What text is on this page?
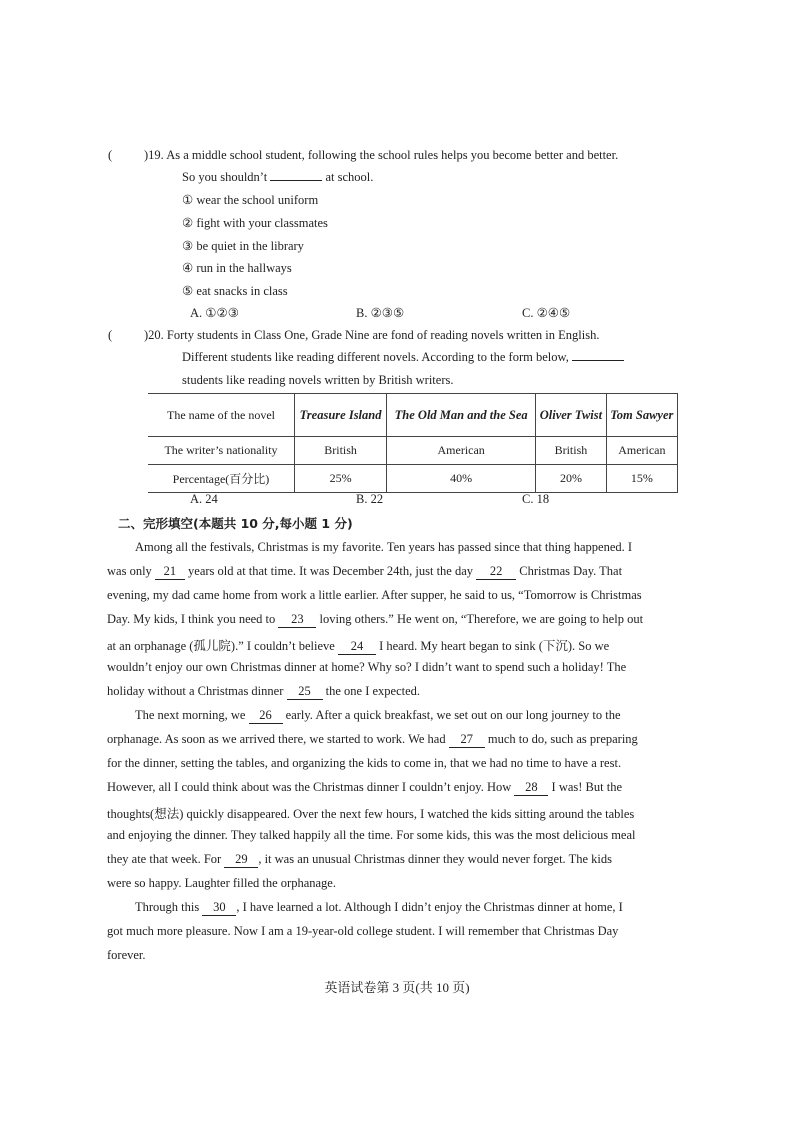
(	)19. As a middle school student, following the school rules helps you become better and better.
So you shouldn’t	at school.
① wear the school uniform
② fight with your classmates
③ be quiet in the library
④ run in the hallways
⑤ eat snacks in class
A. ①②③	B. ②③⑤	C. ②④⑤
(	)20. Forty students in Class One, Grade Nine are fond of reading novels written in English.
Different students like reading different novels. According to the form below,
students like reading novels written by British writers.
The name of the novel	Treasure Island	The Old Man and the Sea	Oliver Twist	Tom Sawyer
The writer’s nationality	British	American	British	American
Percentage(百分比)	25%	40%	20%	15%
A. 24	B. 22	C. 18
二、完形填空(本题共 10 分,每小题 1 分)
Among all the festivals, Christmas is my favorite. Ten years has passed since that thing happened. I
was only 21 years old at that time. It was December 24th, just the day 22 Christmas Day. That
evening, my dad came home from work a little earlier. After supper, he said to us, “Tomorrow is Christmas
Day. My kids, I think you need to 23 loving others.” He went on, “Therefore, we are going to help out
at an orphanage (孤儿院).” I couldn’t believe 24 I heard. My heart began to sink (下沉). So we
wouldn’t enjoy our own Christmas dinner at home? Why so? I didn’t want to spend such a holiday! The
holiday without a Christmas dinner 25 the one I expected.
The next morning, we 26 early. After a quick breakfast, we set out on our long journey to the
orphanage. As soon as we arrived there, we started to work. We had 27 much to do, such as preparing
for the dinner, setting the tables, and organizing the kids to come in, that we had no time to have a rest.
However, all I could think about was the Christmas dinner I couldn’t enjoy. How 28 I was! But the
thoughts(想法) quickly disappeared. Over the next few hours, I watched the kids sitting around the tables
and enjoying the dinner. They talked happily all the time. For some kids, this was the most delicious meal
they ate that week. For 29 , it was an unusual Christmas dinner they would never forget. The kids
were so happy. Laughter filled the orphanage.
Through this 30 , I have learned a lot. Although I didn’t enjoy the Christmas dinner at home, I
got much more pleasure. Now I am a 19-year-old college student. I will remember that Christmas Day
forever.
英语试卷第 3 页(共 10 页)
